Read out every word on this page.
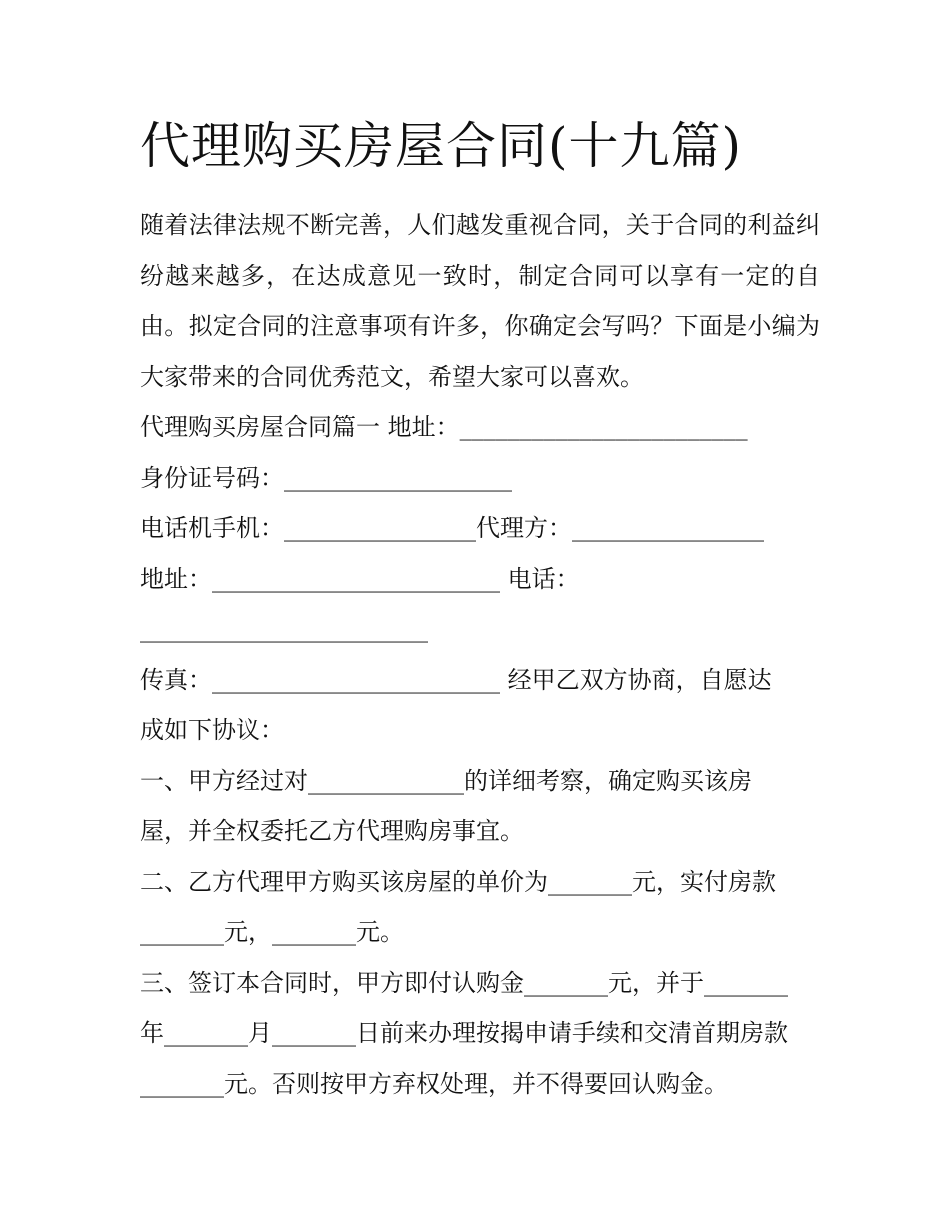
代理购买房屋合同(十九篇)

随着法律法规不断完善，人们越发重视合同，关于合同的利益纠纷越来越多，在达成意见一致时，制定合同可以享有一定的自由。拟定合同的注意事项有许多，你确定会写吗？下面是小编为大家带来的合同优秀范文，希望大家可以喜欢。

代理购买房屋合同篇一 地址：________________________

身份证号码：___________________

电话机手机：________________代理方：________________

地址：________________________ 电话：

________________________

传真：________________________ 经甲乙双方协商，自愿达

成如下协议：

一、甲方经过对_____________的详细考察，确定购买该房

屋，并全权委托乙方代理购房事宜。

二、乙方代理甲方购买该房屋的单价为_______元，实付房款

_______元，_______元。

三、签订本合同时，甲方即付认购金_______元，并于_______

年_______月_______日前来办理按揭申请手续和交清首期房款

_______元。否则按甲方弃权处理，并不得要回认购金。
